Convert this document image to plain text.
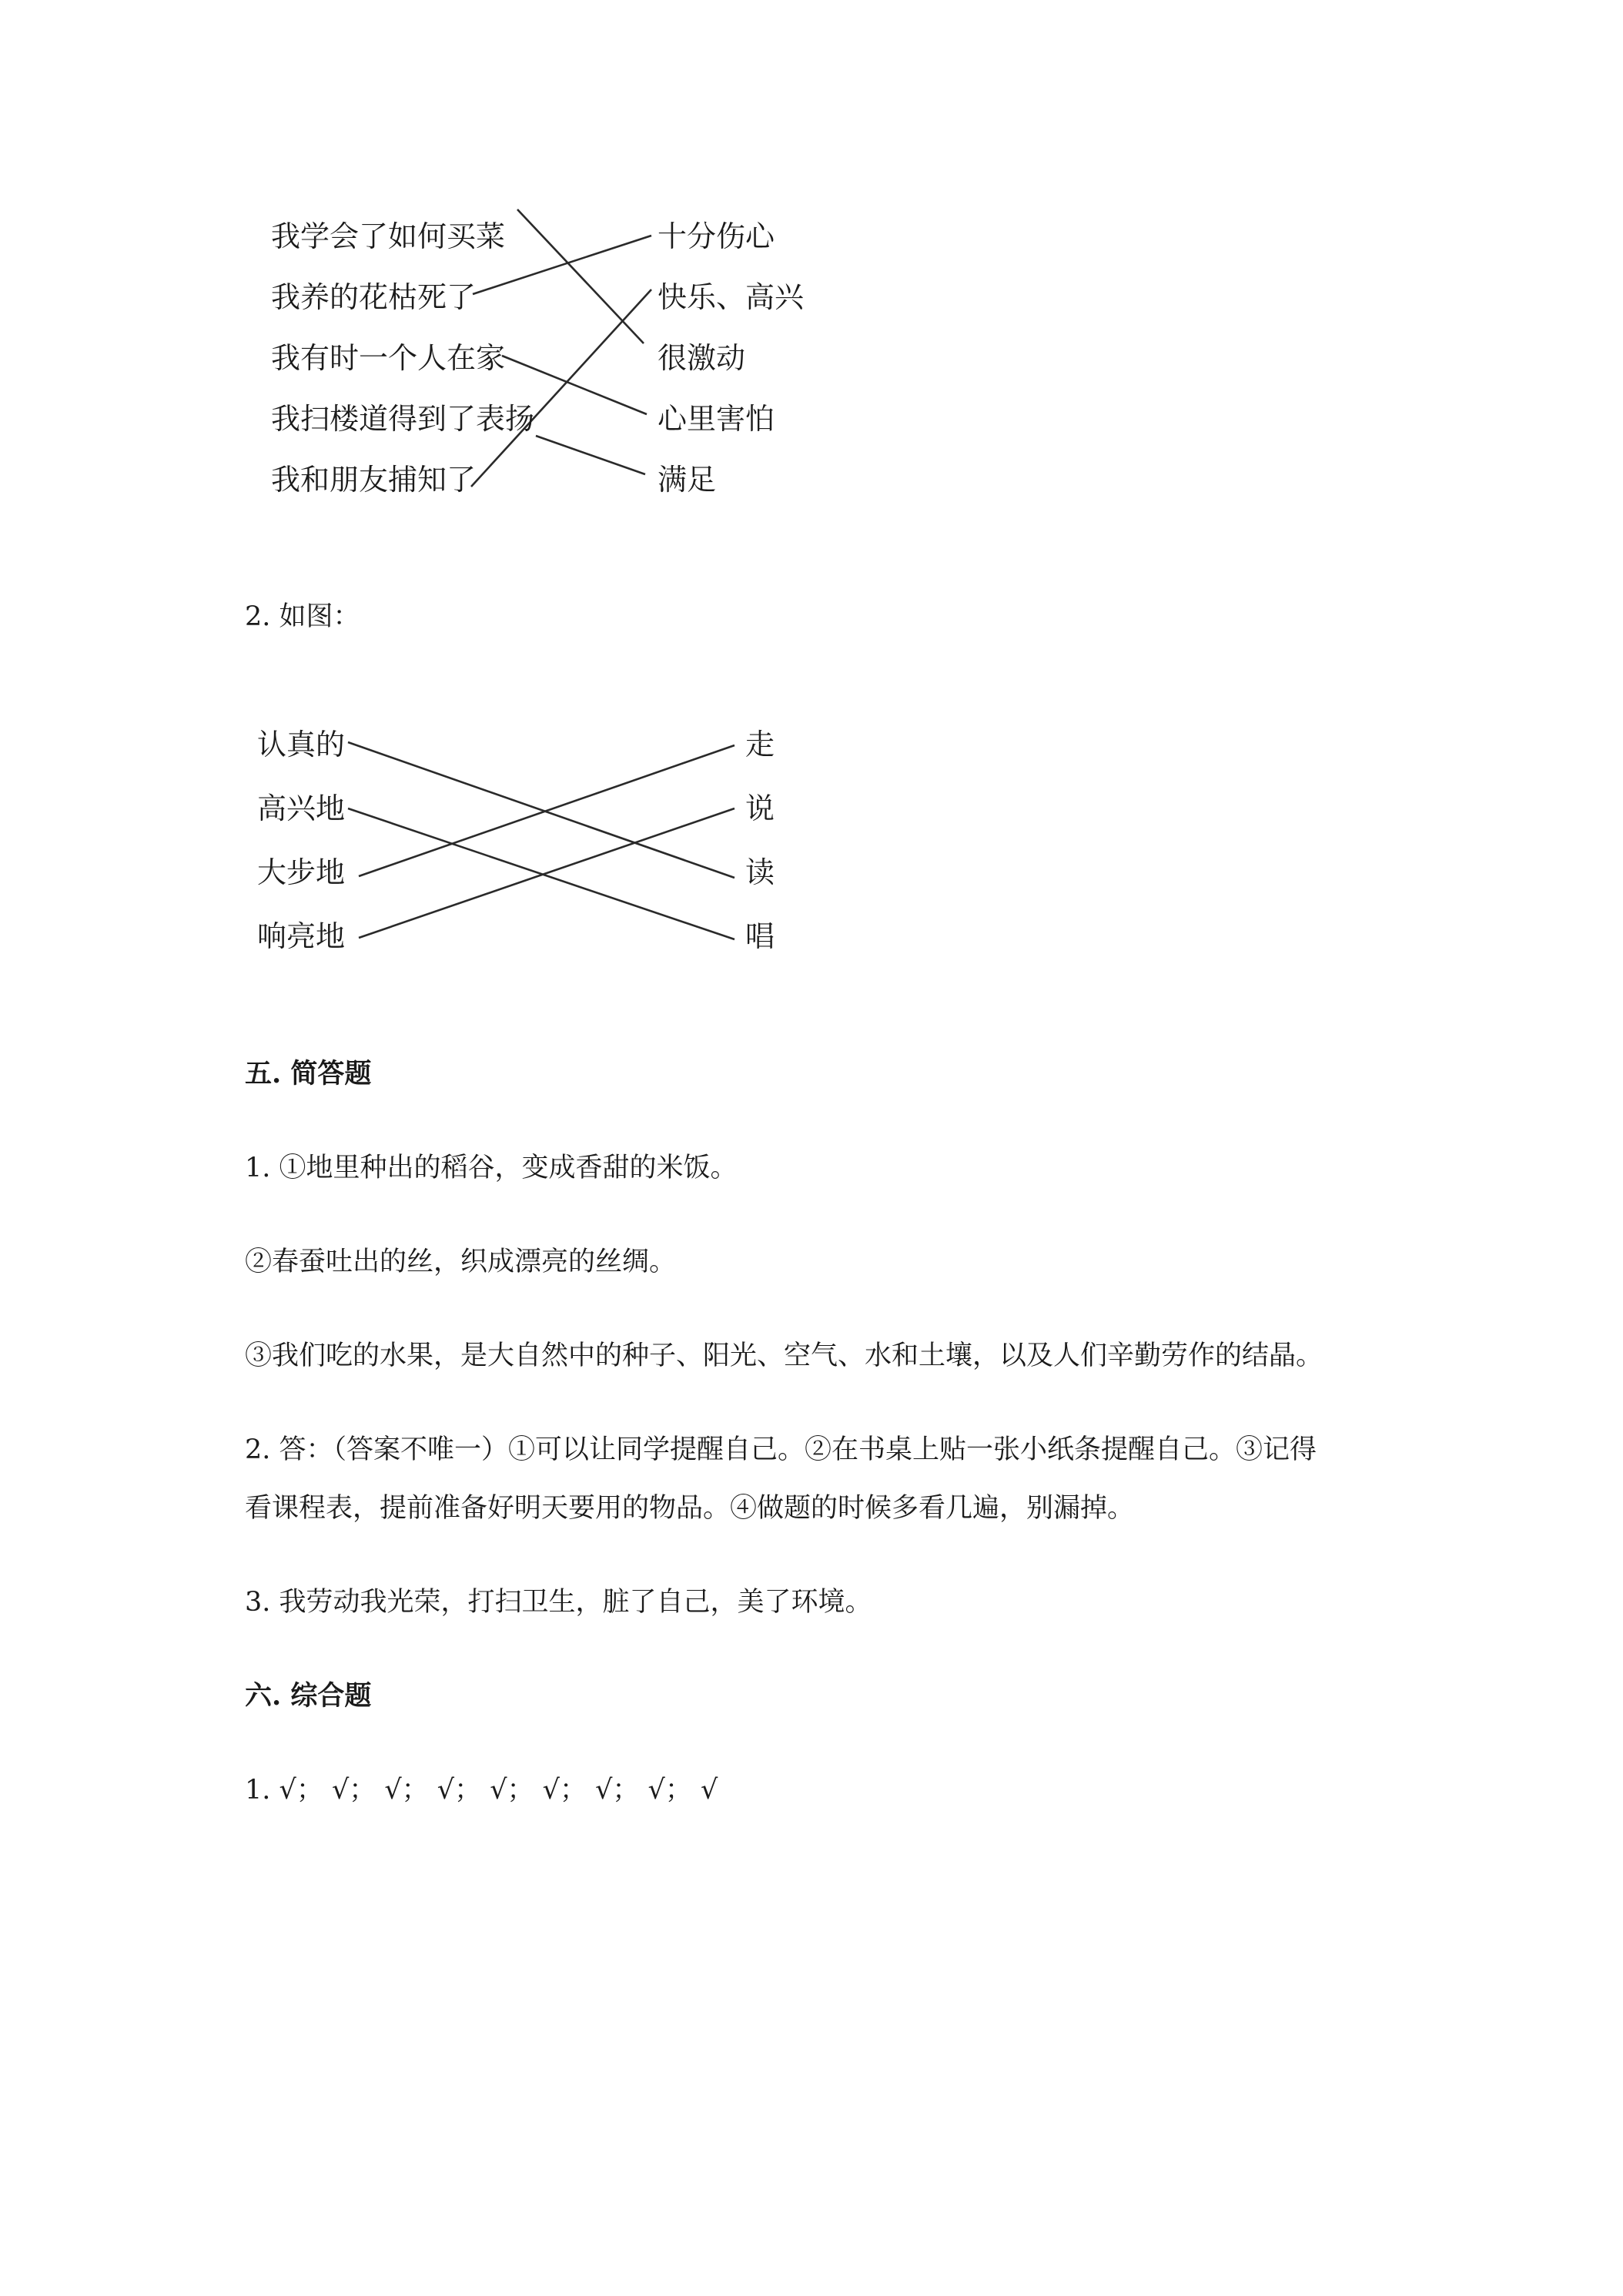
我学会了如何买菜
我养的花枯死了
我有时一个人在家
我扫楼道得到了表扬
我和朋友捕知了
十分伤心
快乐、高兴
很激动
心里害怕
满足

2. 如图：

认真的
高兴地
大步地
响亮地
走
说
读
唱

五. 简答题

1. ①地里种出的稻谷，变成香甜的米饭。

②春蚕吐出的丝，织成漂亮的丝绸。

③我们吃的水果，是大自然中的种子、阳光、空气、水和土壤，以及人们辛勤劳作的结晶。

2. 答：（答案不唯一）①可以让同学提醒自己。②在书桌上贴一张小纸条提醒自己。③记得

看课程表，提前准备好明天要用的物品。④做题的时候多看几遍，别漏掉。

3. 我劳动我光荣，打扫卫生，脏了自己，美了环境。

六. 综合题

1. √； √； √； √； √； √； √； √； √
